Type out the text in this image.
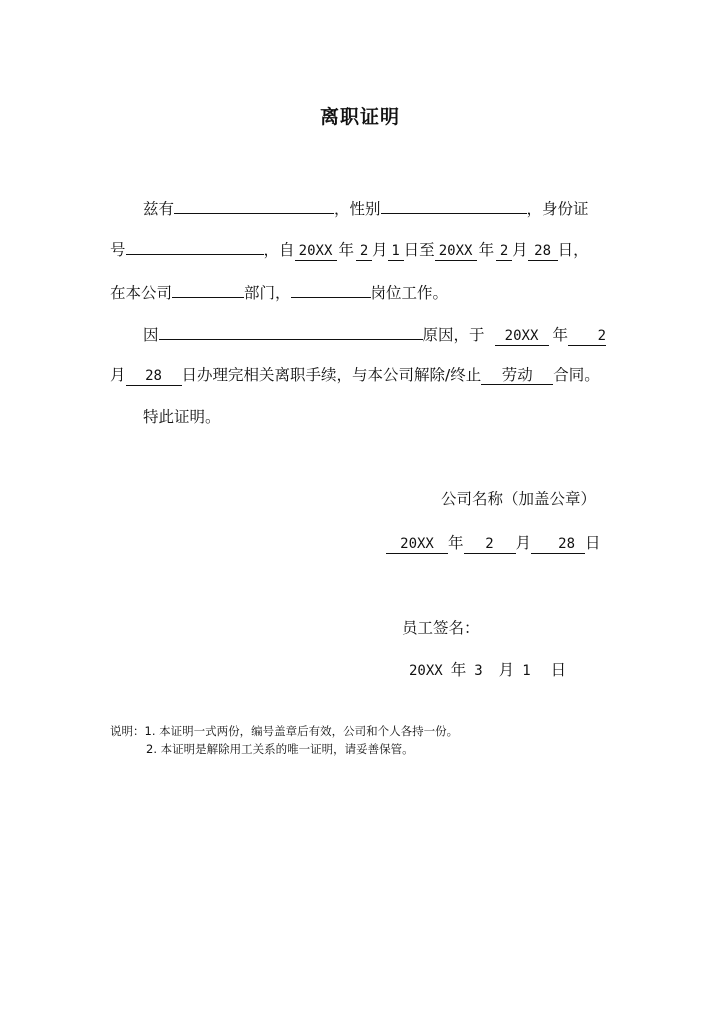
离职证明
兹有	，性别	，身份证
号	，自 20XX 年 2 月 1 日至 20XX 年 2 月 28 日，
在本公司	部门，	岗位工作。
因	原因，于 20XX 年 2
月 28 日办理完相关离职手续，与本公司解除/终止 劳动 合同。
特此证明。
公司名称（加盖公章）
20XX 年 2 月 28 日
员工签名：
20XX 年 3 月 1 日
说明：1. 本证明一式两份，编号盖章后有效，公司和个人各持一份。
2. 本证明是解除用工关系的唯一证明，请妥善保管。
